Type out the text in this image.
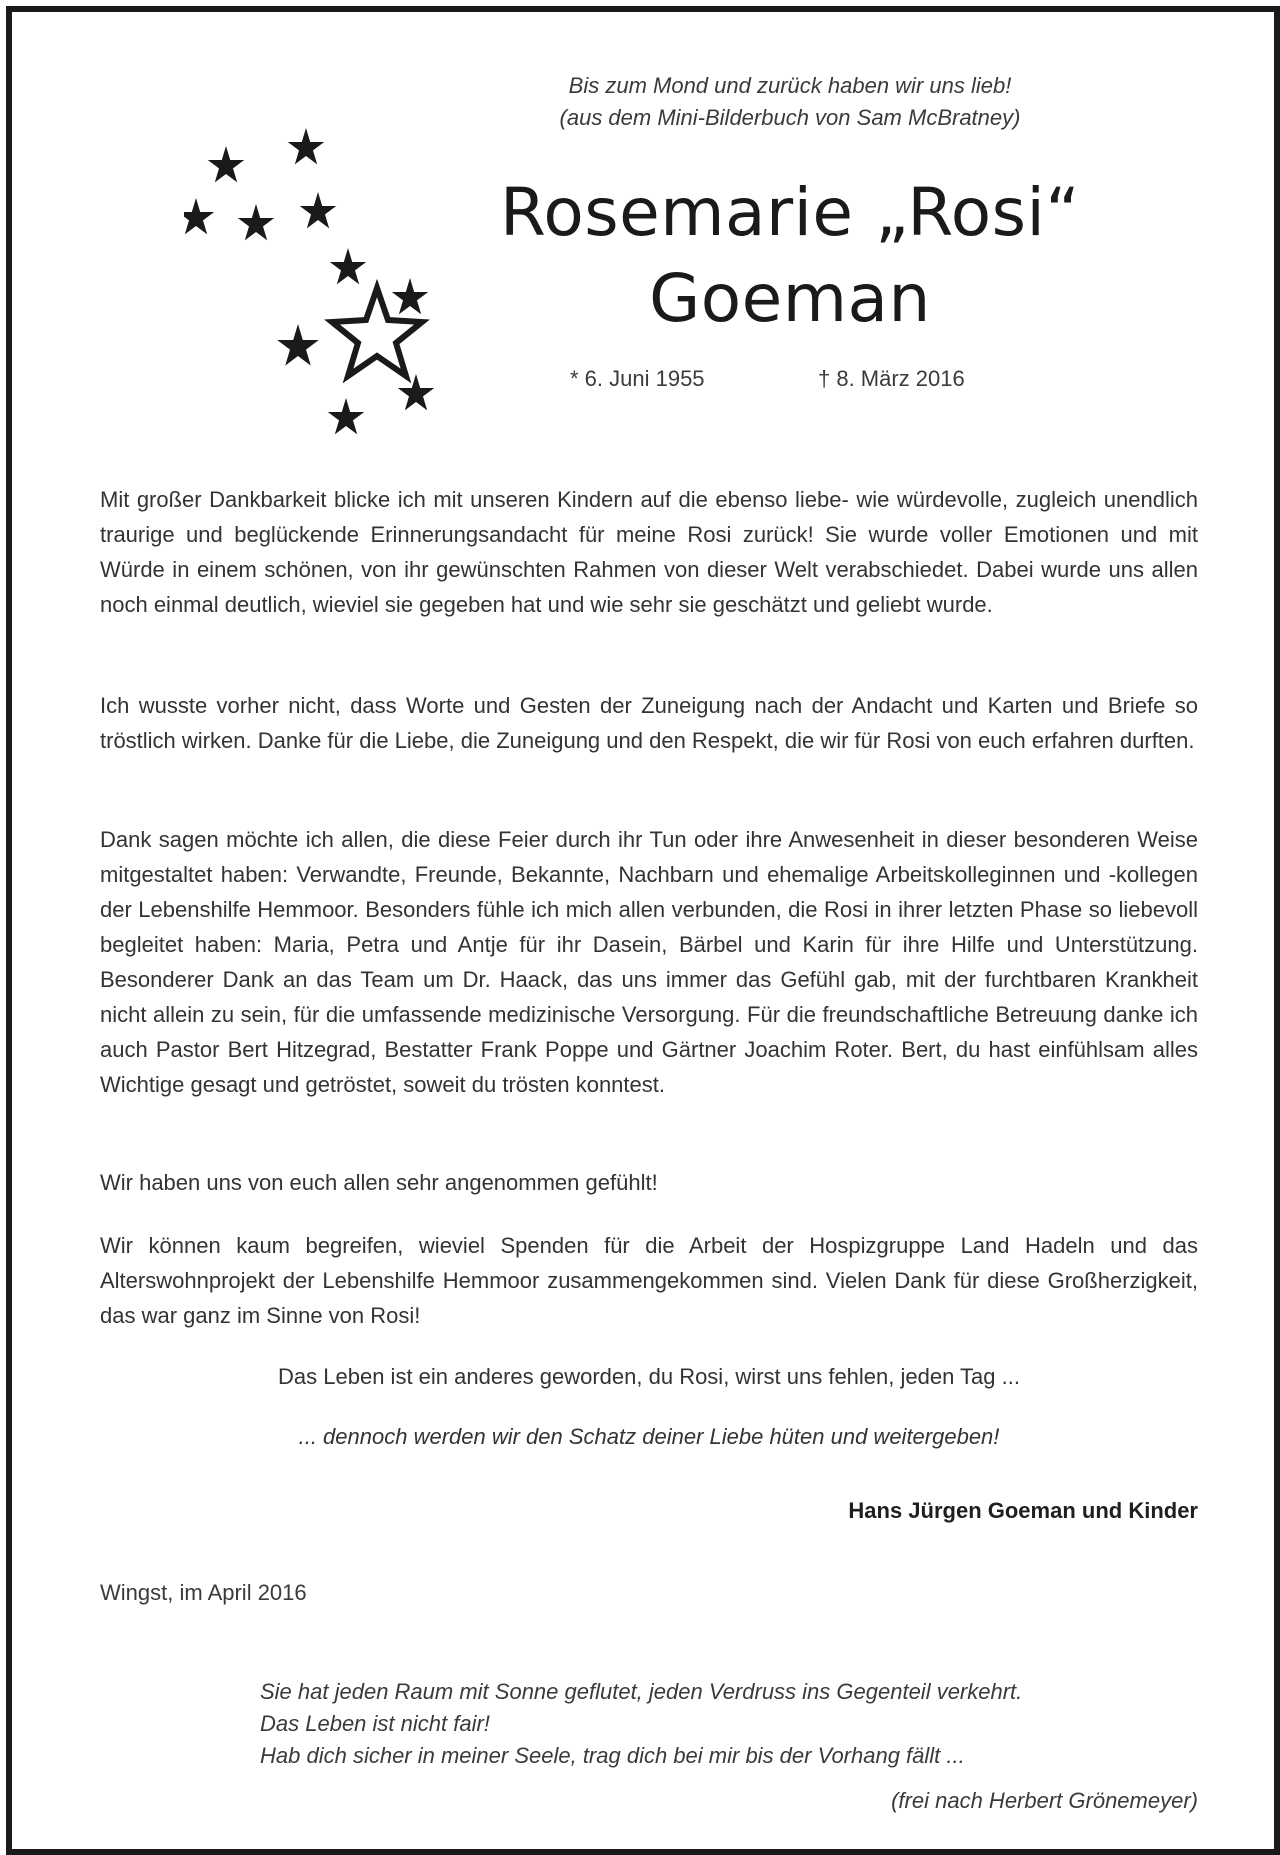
Bis zum Mond und zurück haben wir uns lieb!
(aus dem Mini-Bilderbuch von Sam McBratney)
Rosemarie „Rosi“
Goeman
* 6. Juni 1955	† 8. März 2016

Mit großer Dankbarkeit blicke ich mit unseren Kindern auf die ebenso liebe- wie würdevolle, zugleich unendlich traurige und beglückende Erinnerungsandacht für meine Rosi zurück! Sie wurde voller Emotionen und mit Würde in einem schönen, von ihr gewünschten Rahmen von dieser Welt verabschiedet. Dabei wurde uns allen noch einmal deutlich, wieviel sie gegeben hat und wie sehr sie geschätzt und geliebt wurde.

Ich wusste vorher nicht, dass Worte und Gesten der Zuneigung nach der Andacht und Karten und Briefe so tröstlich wirken. Danke für die Liebe, die Zuneigung und den Respekt, die wir für Rosi von euch erfahren durften.

Dank sagen möchte ich allen, die diese Feier durch ihr Tun oder ihre Anwesenheit in dieser besonderen Weise mitgestaltet haben: Verwandte, Freunde, Bekannte, Nachbarn und ehemalige Arbeitskolleginnen und -kollegen der Lebenshilfe Hemmoor. Besonders fühle ich mich allen verbunden, die Rosi in ihrer letzten Phase so liebevoll begleitet haben: Maria, Petra und Antje für ihr Dasein, Bärbel und Karin für ihre Hilfe und Unterstützung. Besonderer Dank an das Team um Dr. Haack, das uns immer das Gefühl gab, mit der furchtbaren Krankheit nicht allein zu sein, für die umfassende medizinische Versorgung. Für die freundschaftliche Betreuung danke ich auch Pastor Bert Hitzegrad, Bestatter Frank Poppe und Gärtner Joachim Roter. Bert, du hast einfühlsam alles Wichtige gesagt und getröstet, soweit du trösten konntest.

Wir haben uns von euch allen sehr angenommen gefühlt!

Wir können kaum begreifen, wieviel Spenden für die Arbeit der Hospizgruppe Land Hadeln und das Alterswohnprojekt der Lebenshilfe Hemmoor zusammengekommen sind. Vielen Dank für diese Großherzigkeit, das war ganz im Sinne von Rosi!

Das Leben ist ein anderes geworden, du Rosi, wirst uns fehlen, jeden Tag ...
... dennoch werden wir den Schatz deiner Liebe hüten und weitergeben!
Hans Jürgen Goeman und Kinder
Wingst, im April 2016
Sie hat jeden Raum mit Sonne geflutet, jeden Verdruss ins Gegenteil verkehrt.
Das Leben ist nicht fair!
Hab dich sicher in meiner Seele, trag dich bei mir bis der Vorhang fällt ...
(frei nach Herbert Grönemeyer)
